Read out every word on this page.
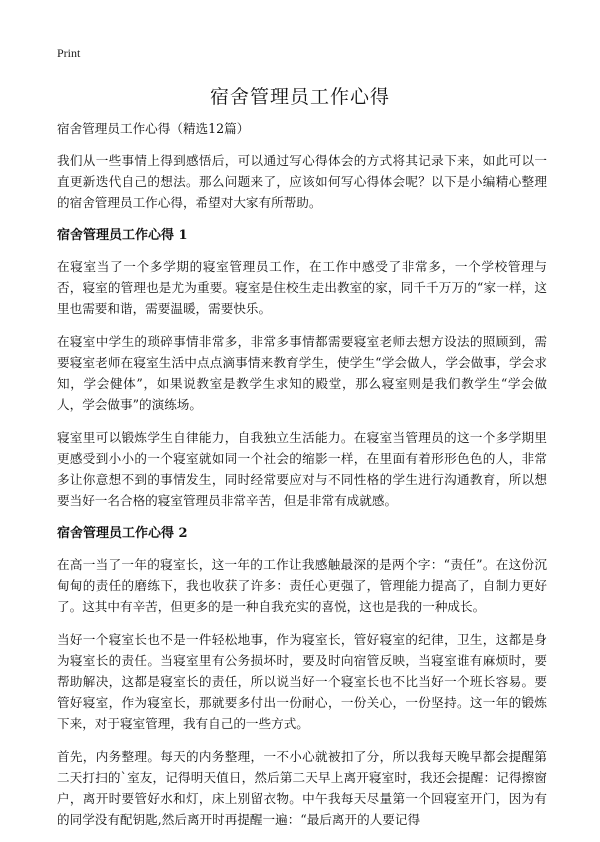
Print
宿舍管理员工作心得

宿舍管理员工作心得（精选12篇）

我们从一些事情上得到感悟后，可以通过写心得体会的方式将其记录下来，如此可以一直更新迭代自己的想法。那么问题来了，应该如何写心得体会呢？以下是小编精心整理的宿舍管理员工作心得，希望对大家有所帮助。

宿舍管理员工作心得 1

在寝室当了一个多学期的寝室管理员工作，在工作中感受了非常多，一个学校管理与否，寝室的管理也是尤为重要。寝室是住校生走出教室的家，同千千万万的“家一样，这里也需要和谐，需要温暖，需要快乐。

在寝室中学生的琐碎事情非常多，非常多事情都需要寝室老师去想方设法的照顾到，需要寝室老师在寝室生活中点点滴事情来教育学生，使学生“学会做人，学会做事，学会求知，学会健体”，如果说教室是教学生求知的殿堂，那么寝室则是我们教学生“学会做人，学会做事”的演练场。

寝室里可以锻炼学生自律能力，自我独立生活能力。在寝室当管理员的这一个多学期里更感受到小小的一个寝室就如同一个社会的缩影一样，在里面有着形形色色的人，非常多让你意想不到的事情发生，同时经常要应对与不同性格的学生进行沟通教育，所以想要当好一名合格的寝室管理员非常辛苦，但是非常有成就感。

宿舍管理员工作心得 2

在高一当了一年的寝室长，这一年的工作让我感触最深的是两个字：“责任”。在这份沉甸甸的责任的磨练下，我也收获了许多：责任心更强了，管理能力提高了，自制力更好了。这其中有辛苦，但更多的是一种自我充实的喜悦，这也是我的一种成长。

当好一个寝室长也不是一件轻松地事，作为寝室长，管好寝室的纪律，卫生，这都是身为寝室长的责任。当寝室里有公务损坏时，要及时向宿管反映，当寝室谁有麻烦时，要帮助解决，这都是寝室长的责任，所以说当好一个寝室长也不比当好一个班长容易。要管好寝室，作为寝室长，那就要多付出一份耐心，一份关心，一份坚持。这一年的锻炼下来，对于寝室管理，我有自己的一些方式。

首先，内务整理。每天的内务整理，一不小心就被扣了分，所以我每天晚早都会提醒第二天打扫的`室友，记得明天值日，然后第二天早上离开寝室时，我还会提醒：记得擦窗户，离开时要管好水和灯，床上别留衣物。中午我每天尽量第一个回寝室开门，因为有的同学没有配钥匙,然后离开时再提醒一遍：“最后离开的人要记得
